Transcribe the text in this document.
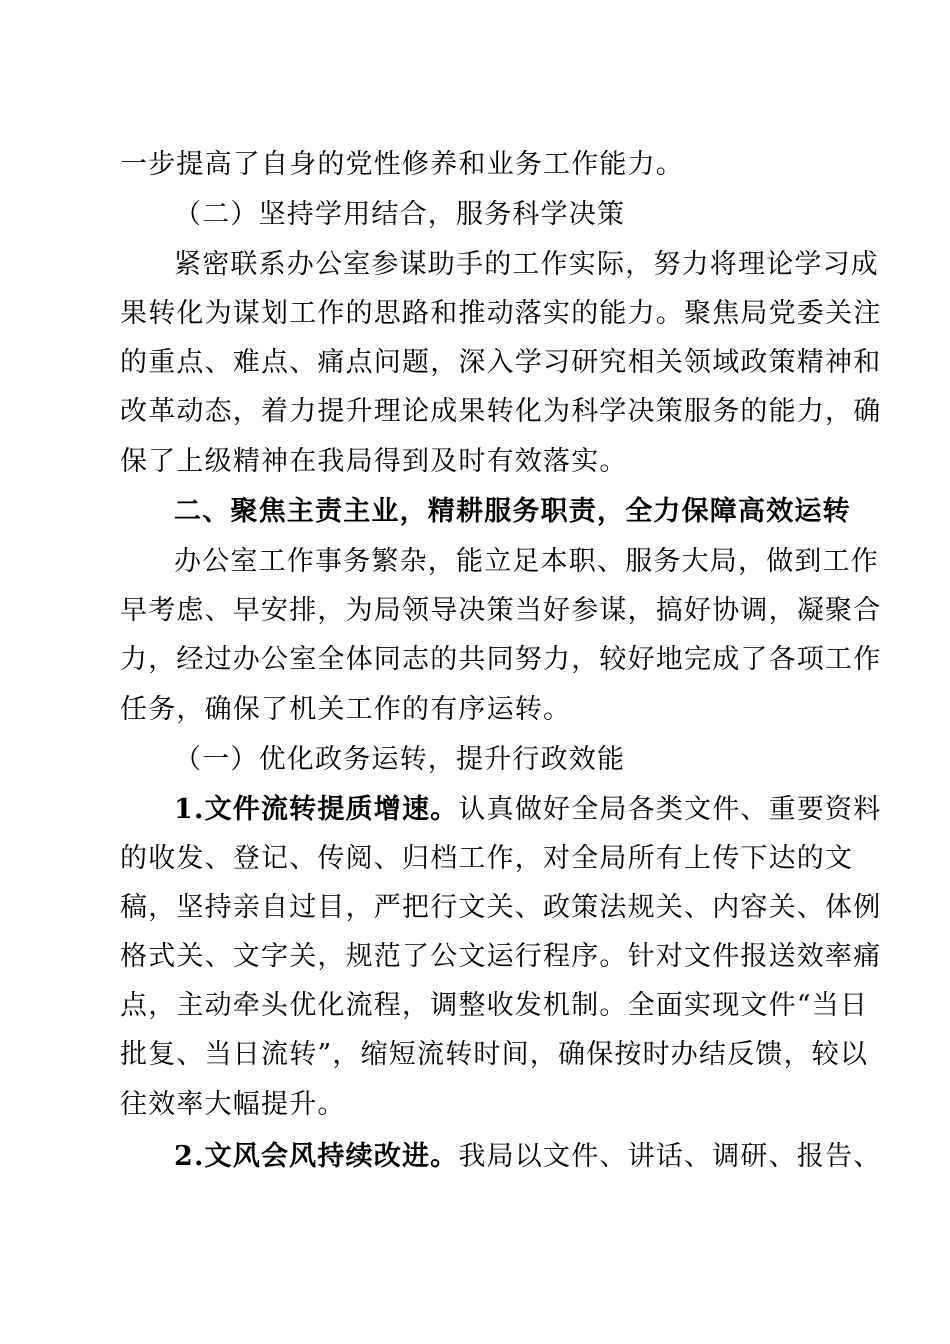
一步提高了自身的党性修养和业务工作能力。
（二）坚持学用结合，服务科学决策
紧密联系办公室参谋助手的工作实际，努力将理论学习成
果转化为谋划工作的思路和推动落实的能力。聚焦局党委关注
的重点、难点、痛点问题，深入学习研究相关领域政策精神和
改革动态，着力提升理论成果转化为科学决策服务的能力，确
保了上级精神在我局得到及时有效落实。
二、聚焦主责主业，精耕服务职责，全力保障高效运转
办公室工作事务繁杂，能立足本职、服务大局，做到工作
早考虑、早安排，为局领导决策当好参谋，搞好协调，凝聚合
力，经过办公室全体同志的共同努力，较好地完成了各项工作
任务，确保了机关工作的有序运转。
（一）优化政务运转，提升行政效能
1.文件流转提质增速。认真做好全局各类文件、重要资料
的收发、登记、传阅、归档工作，对全局所有上传下达的文
稿，坚持亲自过目，严把行文关、政策法规关、内容关、体例
格式关、文字关，规范了公文运行程序。针对文件报送效率痛
点，主动牵头优化流程，调整收发机制。全面实现文件“当日
批复、当日流转”，缩短流转时间，确保按时办结反馈，较以
往效率大幅提升。
2.文风会风持续改进。我局以文件、讲话、调研、报告、
